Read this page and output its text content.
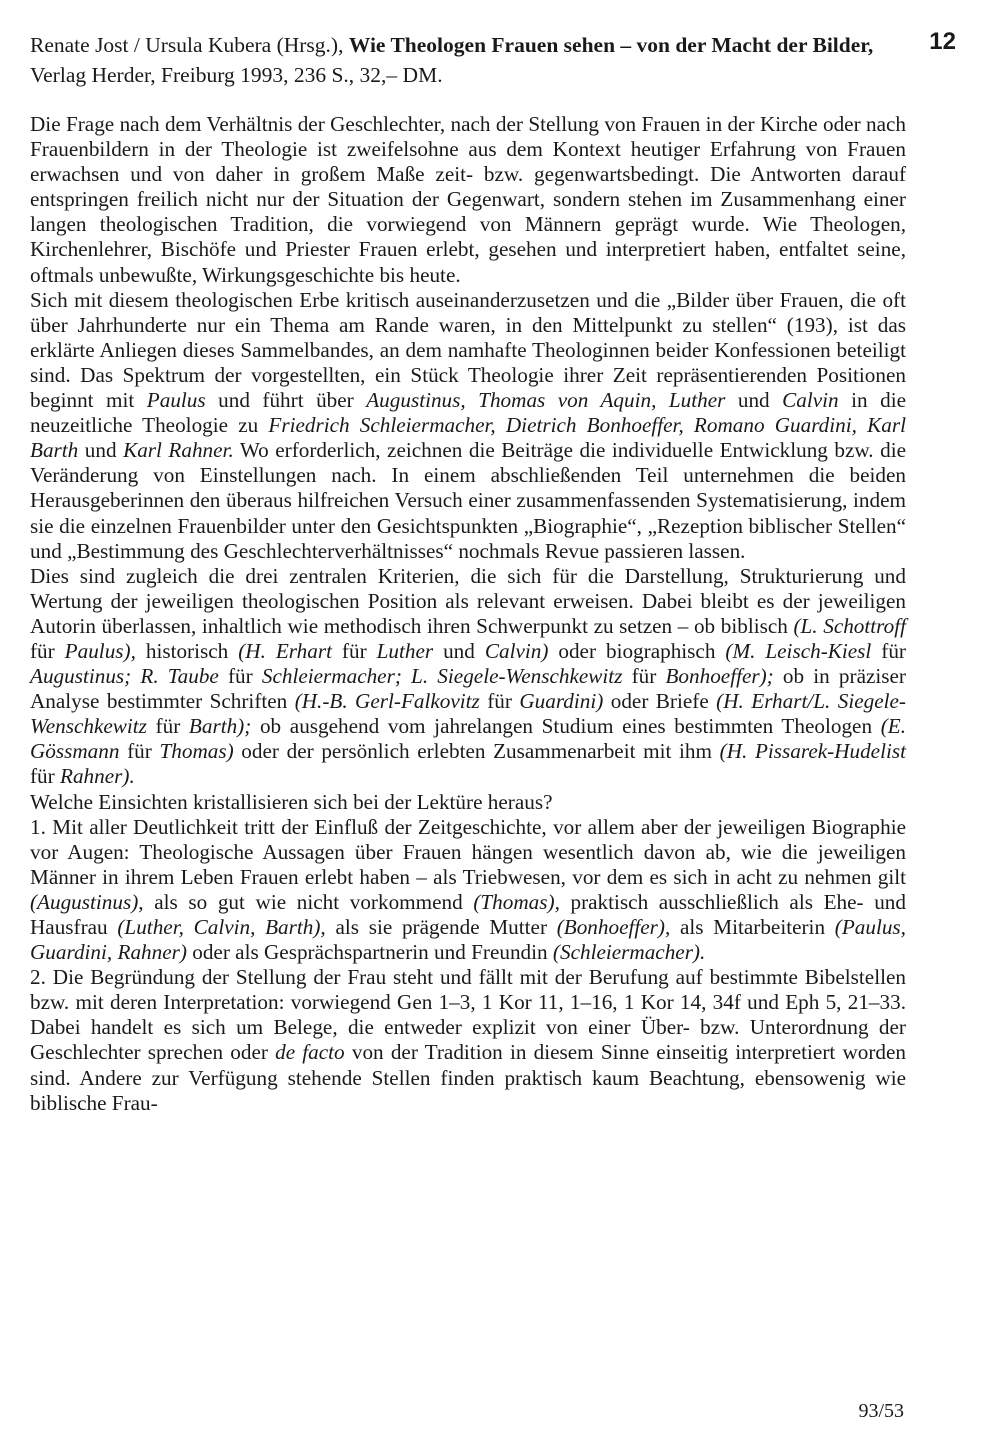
Renate Jost / Ursula Kubera (Hrsg.), Wie Theologen Frauen sehen – von der Macht der Bilder, Verlag Herder, Freiburg 1993, 236 S., 32,– DM.
12

Die Frage nach dem Verhältnis der Geschlechter, nach der Stellung von Frauen in der Kirche oder nach Frauenbildern in der Theologie ist zweifelsohne aus dem Kontext heutiger Erfahrung von Frauen erwachsen und von daher in großem Maße zeit- bzw. gegenwartsbedingt. Die Antworten darauf entspringen freilich nicht nur der Situation der Gegenwart, sondern stehen im Zusammenhang einer langen theologischen Tradition, die vorwiegend von Männern geprägt wurde. Wie Theologen, Kirchenlehrer, Bischöfe und Priester Frauen erlebt, gesehen und interpretiert haben, entfaltet seine, oftmals unbewußte, Wirkungsgeschichte bis heute.

Sich mit diesem theologischen Erbe kritisch auseinanderzusetzen und die „Bilder über Frauen, die oft über Jahrhunderte nur ein Thema am Rande waren, in den Mittelpunkt zu stellen“ (193), ist das erklärte Anliegen dieses Sammelbandes, an dem namhafte Theologinnen beider Konfessionen beteiligt sind. Das Spektrum der vorgestellten, ein Stück Theologie ihrer Zeit repräsentierenden Positionen beginnt mit Paulus und führt über Augustinus, Thomas von Aquin, Luther und Calvin in die neuzeitliche Theologie zu Friedrich Schleiermacher, Dietrich Bonhoeffer, Romano Guardini, Karl Barth und Karl Rahner. Wo erforderlich, zeichnen die Beiträge die individuelle Entwicklung bzw. die Veränderung von Einstellungen nach. In einem abschließenden Teil unternehmen die beiden Herausgeberinnen den überaus hilfreichen Versuch einer zusammenfassenden Systematisierung, indem sie die einzelnen Frauenbilder unter den Gesichtspunkten „Biographie“, „Rezeption biblischer Stellen“ und „Bestimmung des Geschlechterverhältnisses“ nochmals Revue passieren lassen.

Dies sind zugleich die drei zentralen Kriterien, die sich für die Darstellung, Strukturierung und Wertung der jeweiligen theologischen Position als relevant erweisen. Dabei bleibt es der jeweiligen Autorin überlassen, inhaltlich wie methodisch ihren Schwerpunkt zu setzen – ob biblisch (L. Schottroff für Paulus), historisch (H. Erhart für Luther und Calvin) oder biographisch (M. Leisch-Kiesl für Augustinus; R. Taube für Schleiermacher; L. Siegele-Wenschkewitz für Bonhoeffer); ob in präziser Analyse bestimmter Schriften (H.-B. Gerl-Falkovitz für Guardini) oder Briefe (H. Erhart/L. Siegele-Wenschkewitz für Barth); ob ausgehend vom jahrelangen Studium eines bestimmten Theologen (E. Gössmann für Thomas) oder der persönlich erlebten Zusammenarbeit mit ihm (H. Pissarek-Hudelist für Rahner).

Welche Einsichten kristallisieren sich bei der Lektüre heraus?

1. Mit aller Deutlichkeit tritt der Einfluß der Zeitgeschichte, vor allem aber der jeweiligen Biographie vor Augen: Theologische Aussagen über Frauen hängen wesentlich davon ab, wie die jeweiligen Männer in ihrem Leben Frauen erlebt haben – als Triebwesen, vor dem es sich in acht zu nehmen gilt (Augustinus), als so gut wie nicht vorkommend (Thomas), praktisch ausschließlich als Ehe- und Hausfrau (Luther, Calvin, Barth), als sie prägende Mutter (Bonhoeffer), als Mitarbeiterin (Paulus, Guardini, Rahner) oder als Gesprächspartnerin und Freundin (Schleiermacher).

2. Die Begründung der Stellung der Frau steht und fällt mit der Berufung auf bestimmte Bibelstellen bzw. mit deren Interpretation: vorwiegend Gen 1–3, 1 Kor 11, 1–16, 1 Kor 14, 34f und Eph 5, 21–33. Dabei handelt es sich um Belege, die entweder explizit von einer Über- bzw. Unterordnung der Geschlechter sprechen oder de facto von der Tradition in diesem Sinne einseitig interpretiert worden sind. Andere zur Verfügung stehende Stellen finden praktisch kaum Beachtung, ebensowenig wie biblische Frau-

93/53
